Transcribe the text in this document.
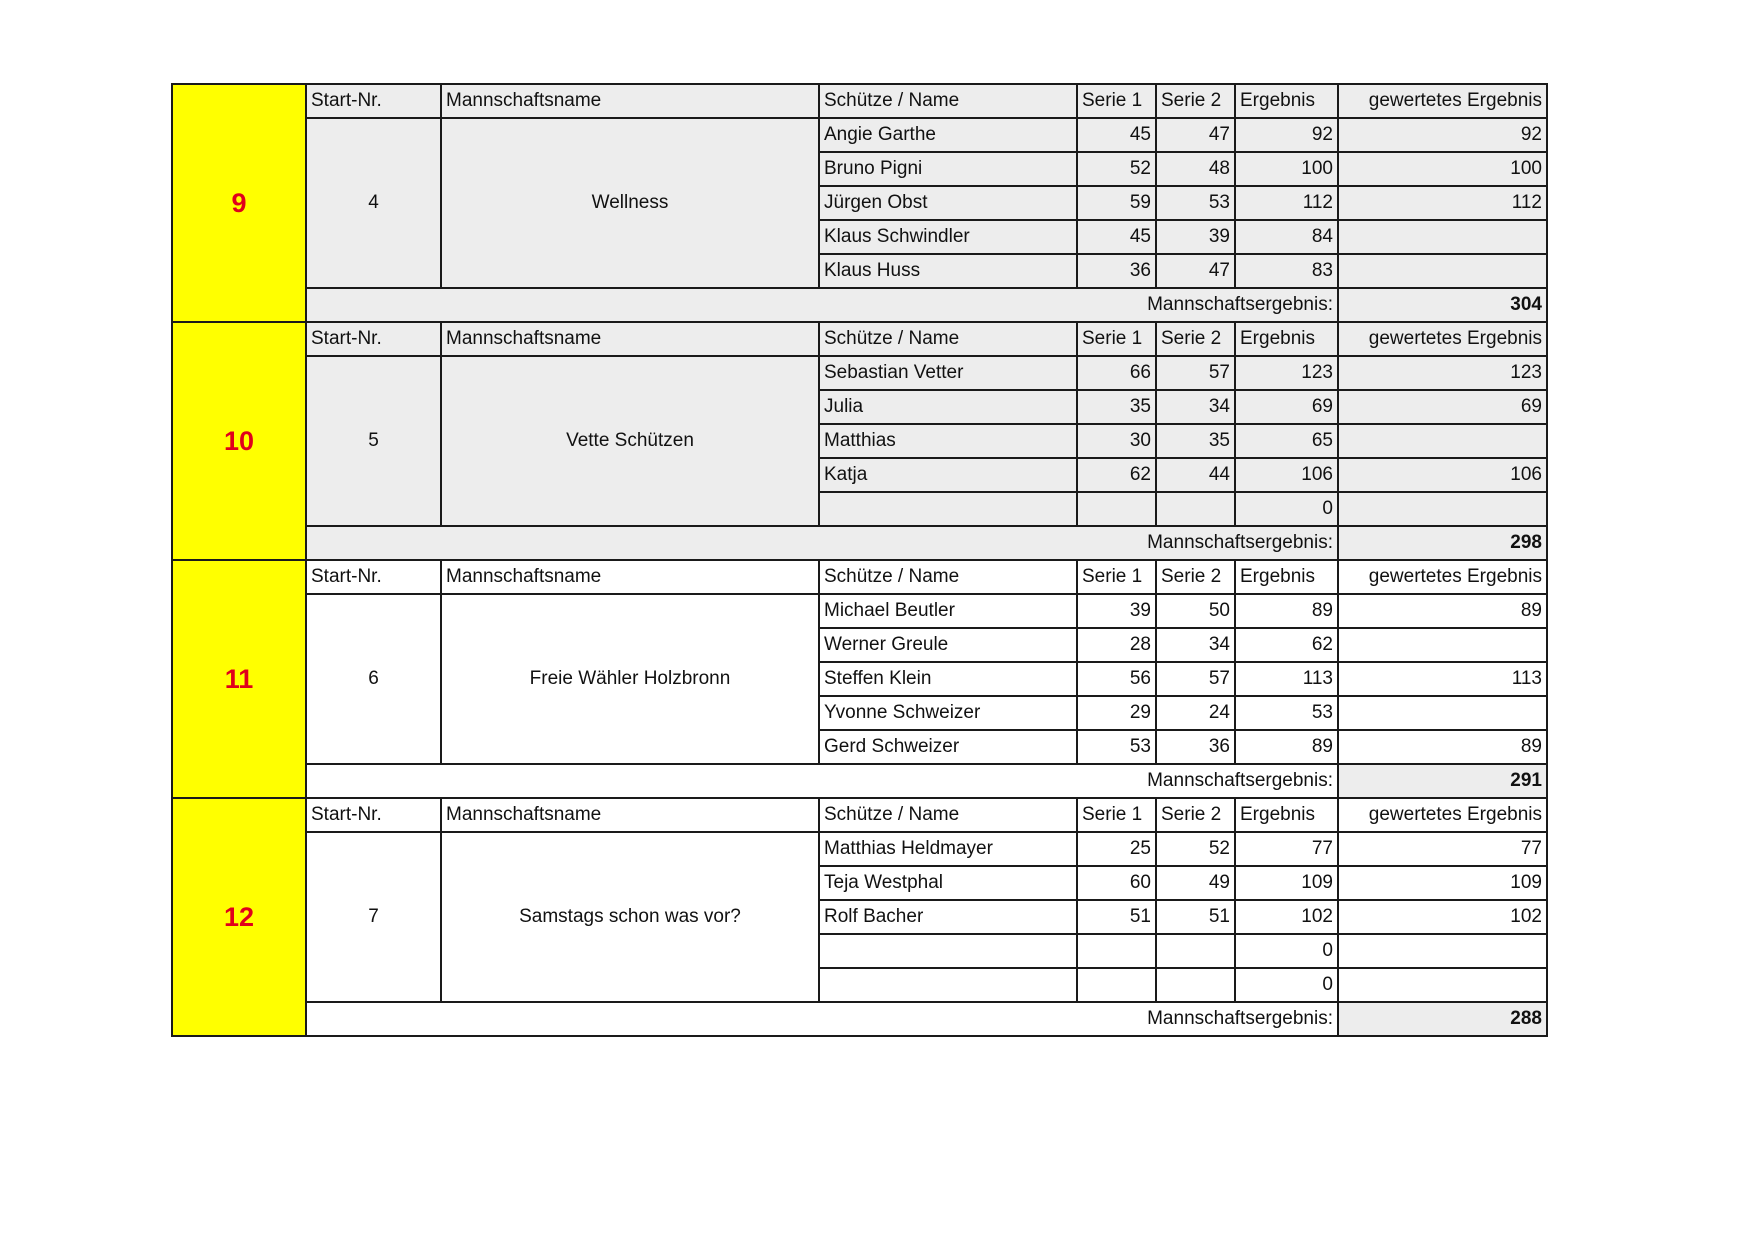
9	Start-Nr.	Mannschaftsname	Schütze / Name	Serie 1	Serie 2	Ergebnis	gewertetes Ergebnis
	4	Wellness	Angie Garthe	45	47	92	92
			Bruno Pigni	52	48	100	100
			Jürgen Obst	59	53	112	112
			Klaus Schwindler	45	39	84	
			Klaus Huss	36	47	83	
	Mannschaftsergebnis:						304
10	Start-Nr.	Mannschaftsname	Schütze / Name	Serie 1	Serie 2	Ergebnis	gewertetes Ergebnis
	5	Vette Schützen	Sebastian Vetter	66	57	123	123
			Julia	35	34	69	69
			Matthias	30	35	65	
			Katja	62	44	106	106
						0	
	Mannschaftsergebnis:						298
11	Start-Nr.	Mannschaftsname	Schütze / Name	Serie 1	Serie 2	Ergebnis	gewertetes Ergebnis
	6	Freie Wähler Holzbronn	Michael Beutler	39	50	89	89
			Werner Greule	28	34	62	
			Steffen Klein	56	57	113	113
			Yvonne Schweizer	29	24	53	
			Gerd Schweizer	53	36	89	89
	Mannschaftsergebnis:						291
12	Start-Nr.	Mannschaftsname	Schütze / Name	Serie 1	Serie 2	Ergebnis	gewertetes Ergebnis
	7	Samstags schon was vor?	Matthias Heldmayer	25	52	77	77
			Teja Westphal	60	49	109	109
			Rolf Bacher	51	51	102	102
						0	
						0	
	Mannschaftsergebnis:						288
